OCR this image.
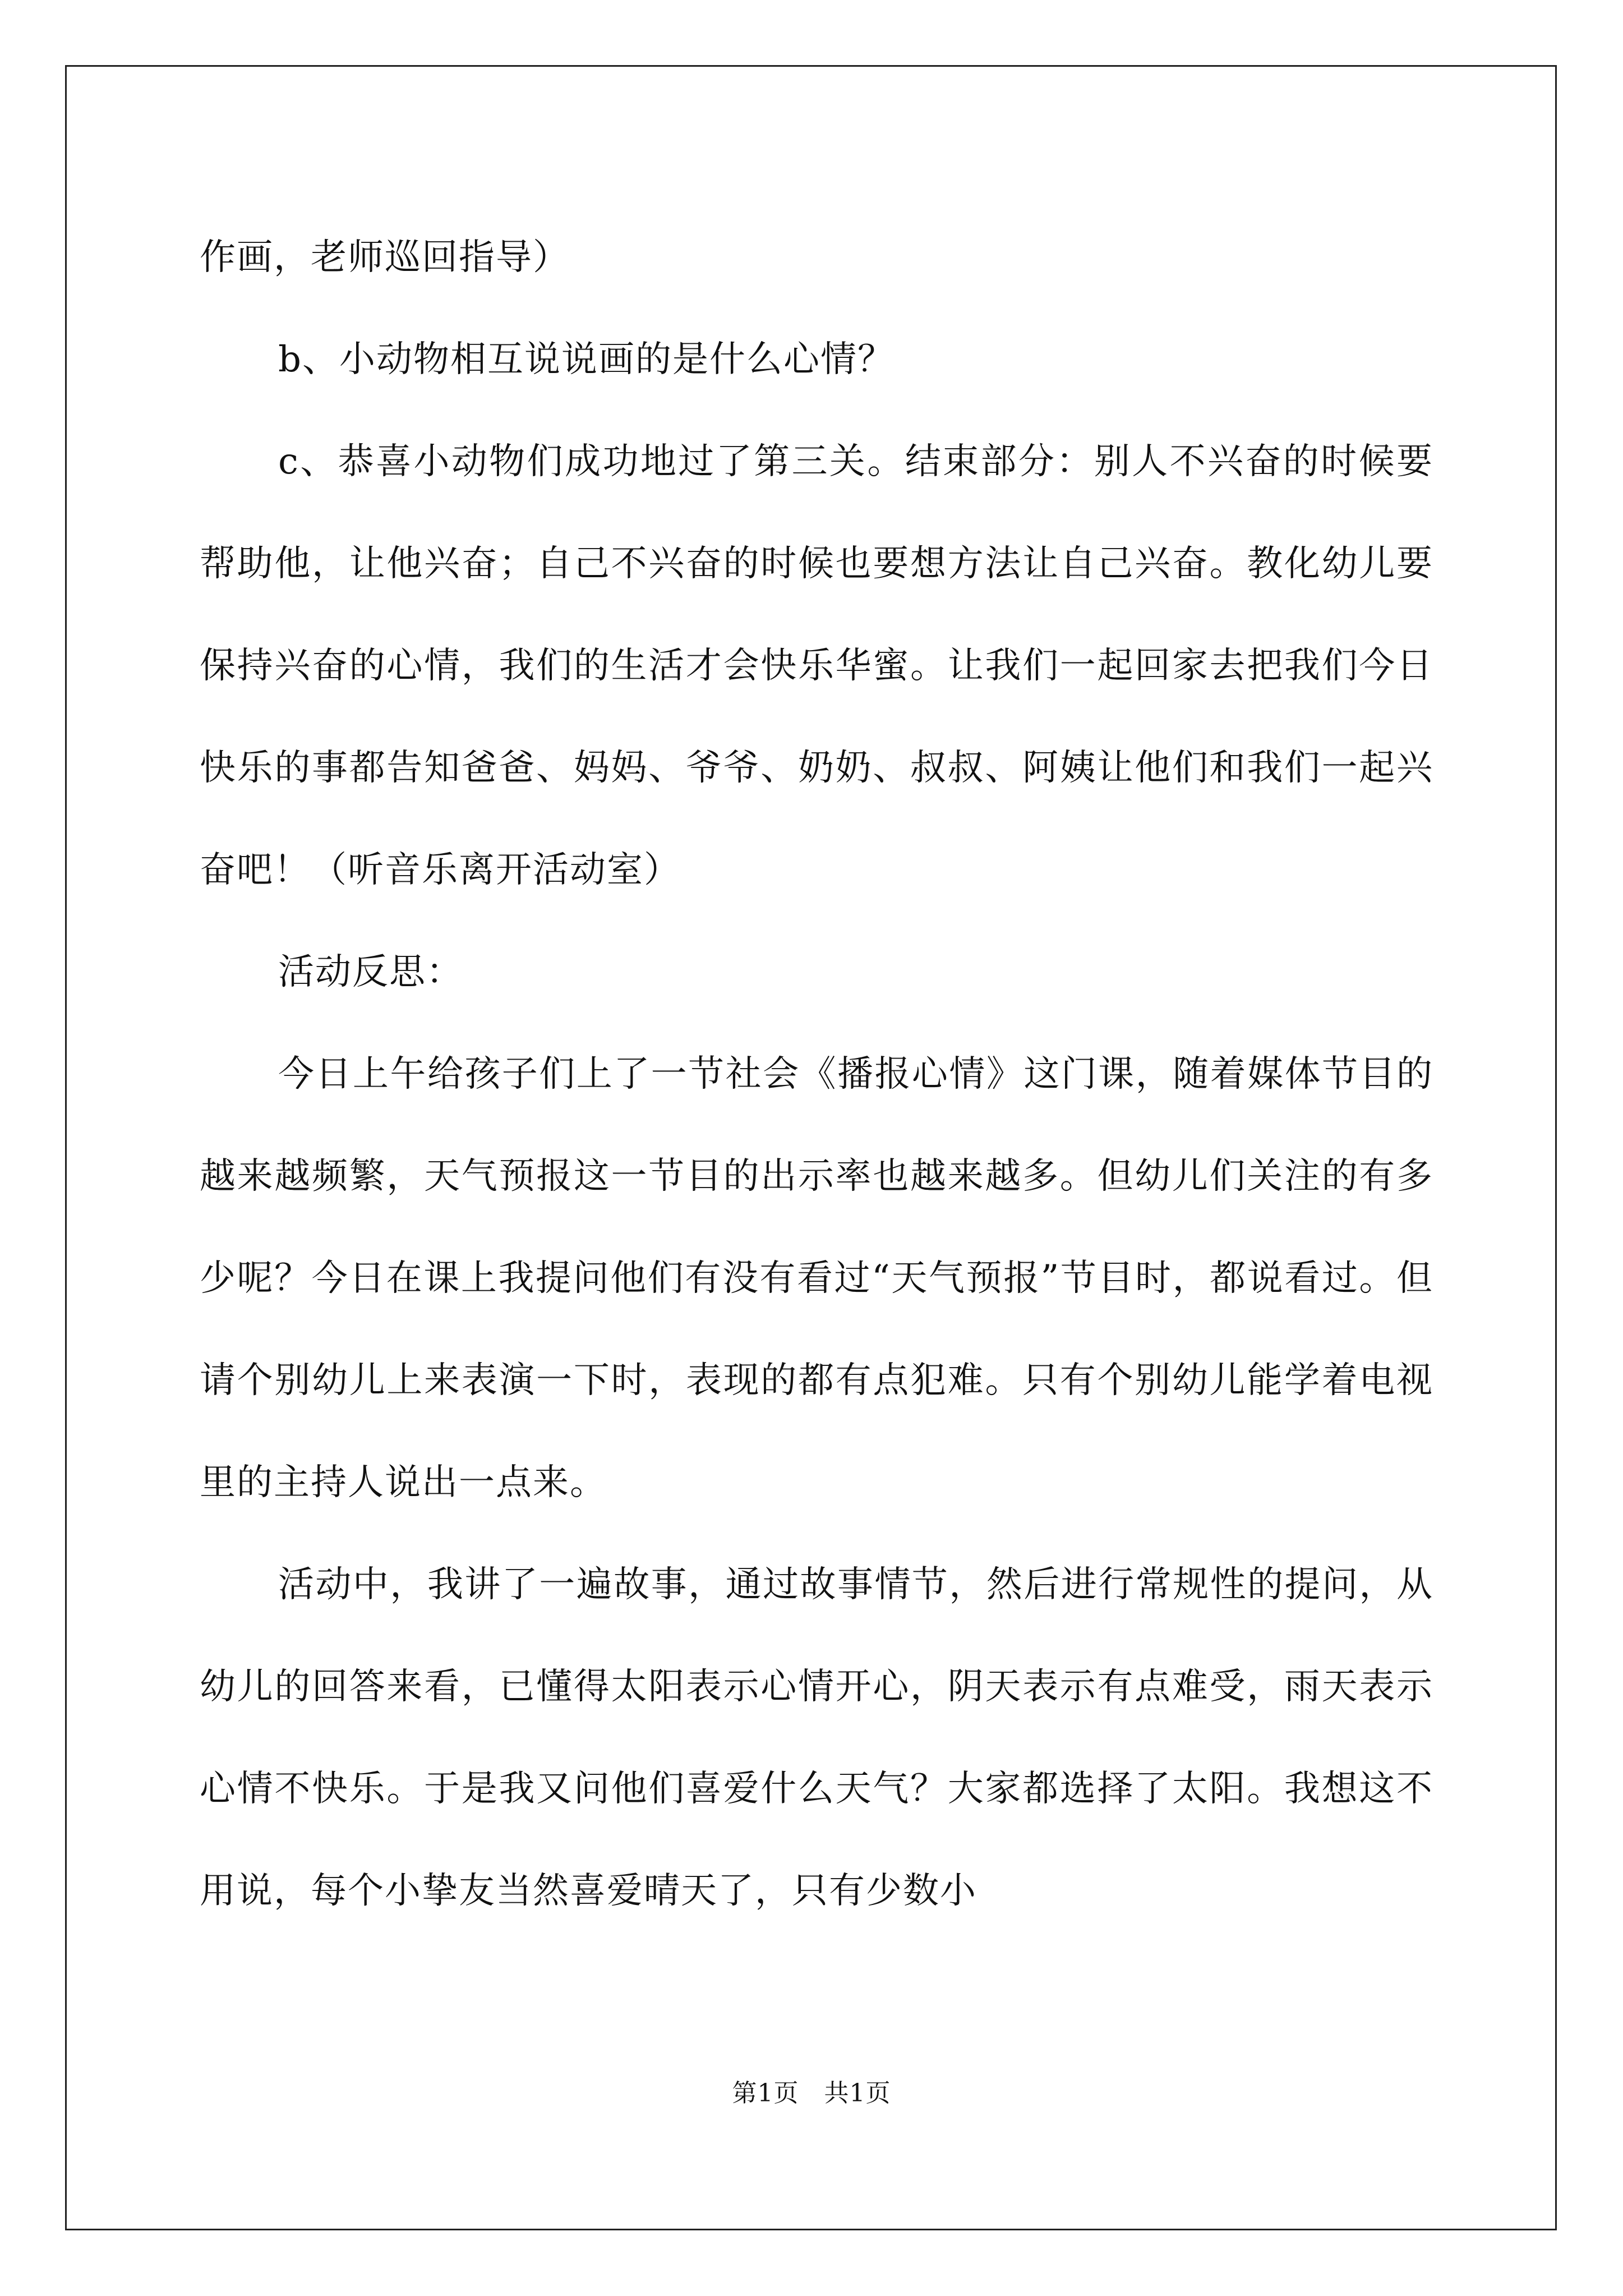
作画，老师巡回指导）

b、小动物相互说说画的是什么心情？

c、恭喜小动物们成功地过了第三关。结束部分：别人不兴奋的时候要帮助他，让他兴奋；自己不兴奋的时候也要想方法让自己兴奋。教化幼儿要保持兴奋的心情，我们的生活才会快乐华蜜。让我们一起回家去把我们今日快乐的事都告知爸爸、妈妈、爷爷、奶奶、叔叔、阿姨让他们和我们一起兴奋吧！（听音乐离开活动室）

活动反思：

今日上午给孩子们上了一节社会《播报心情》这门课，随着媒体节目的越来越频繁，天气预报这一节目的出示率也越来越多。但幼儿们关注的有多少呢？今日在课上我提问他们有没有看过“天气预报”节目时，都说看过。但请个别幼儿上来表演一下时，表现的都有点犯难。只有个别幼儿能学着电视里的主持人说出一点来。

活动中，我讲了一遍故事，通过故事情节，然后进行常规性的提问，从幼儿的回答来看，已懂得太阳表示心情开心，阴天表示有点难受，雨天表示心情不快乐。于是我又问他们喜爱什么天气？大家都选择了太阳。我想这不用说，每个小挚友当然喜爱晴天了，只有少数小

第1页　共1页
